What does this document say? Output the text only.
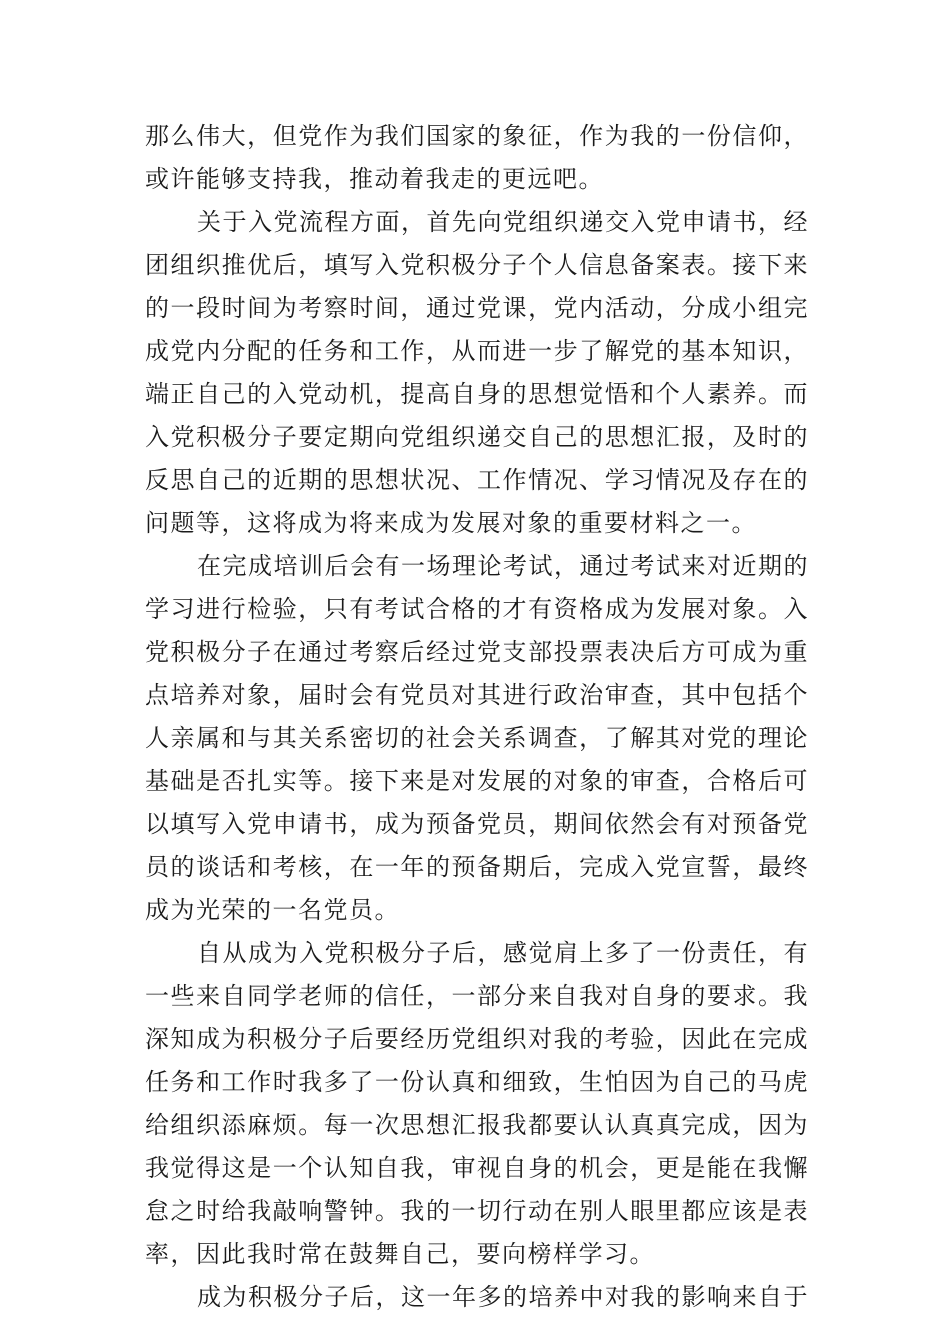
那么伟大，但党作为我们国家的象征，作为我的一份信仰，或许能够支持我，推动着我走的更远吧。

关于入党流程方面，首先向党组织递交入党申请书，经团组织推优后，填写入党积极分子个人信息备案表。接下来的一段时间为考察时间，通过党课，党内活动，分成小组完成党内分配的任务和工作，从而进一步了解党的基本知识，端正自己的入党动机，提高自身的思想觉悟和个人素养。而入党积极分子要定期向党组织递交自己的思想汇报，及时的反思自己的近期的思想状况、工作情况、学习情况及存在的问题等，这将成为将来成为发展对象的重要材料之一。

在完成培训后会有一场理论考试，通过考试来对近期的学习进行检验，只有考试合格的才有资格成为发展对象。入党积极分子在通过考察后经过党支部投票表决后方可成为重点培养对象，届时会有党员对其进行政治审查，其中包括个人亲属和与其关系密切的社会关系调查，了解其对党的理论基础是否扎实等。接下来是对发展的对象的审查，合格后可以填写入党申请书，成为预备党员，期间依然会有对预备党员的谈话和考核，在一年的预备期后，完成入党宣誓，最终成为光荣的一名党员。

自从成为入党积极分子后，感觉肩上多了一份责任，有一些来自同学老师的信任，一部分来自我对自身的要求。我深知成为积极分子后要经历党组织对我的考验，因此在完成任务和工作时我多了一份认真和细致，生怕因为自己的马虎给组织添麻烦。每一次思想汇报我都要认认真真完成，因为我觉得这是一个认知自我，审视自身的机会，更是能在我懈怠之时给我敲响警钟。我的一切行动在别人眼里都应该是表率，因此我时常在鼓舞自己，要向榜样学习。

成为积极分子后，这一年多的培养中对我的影响来自于
